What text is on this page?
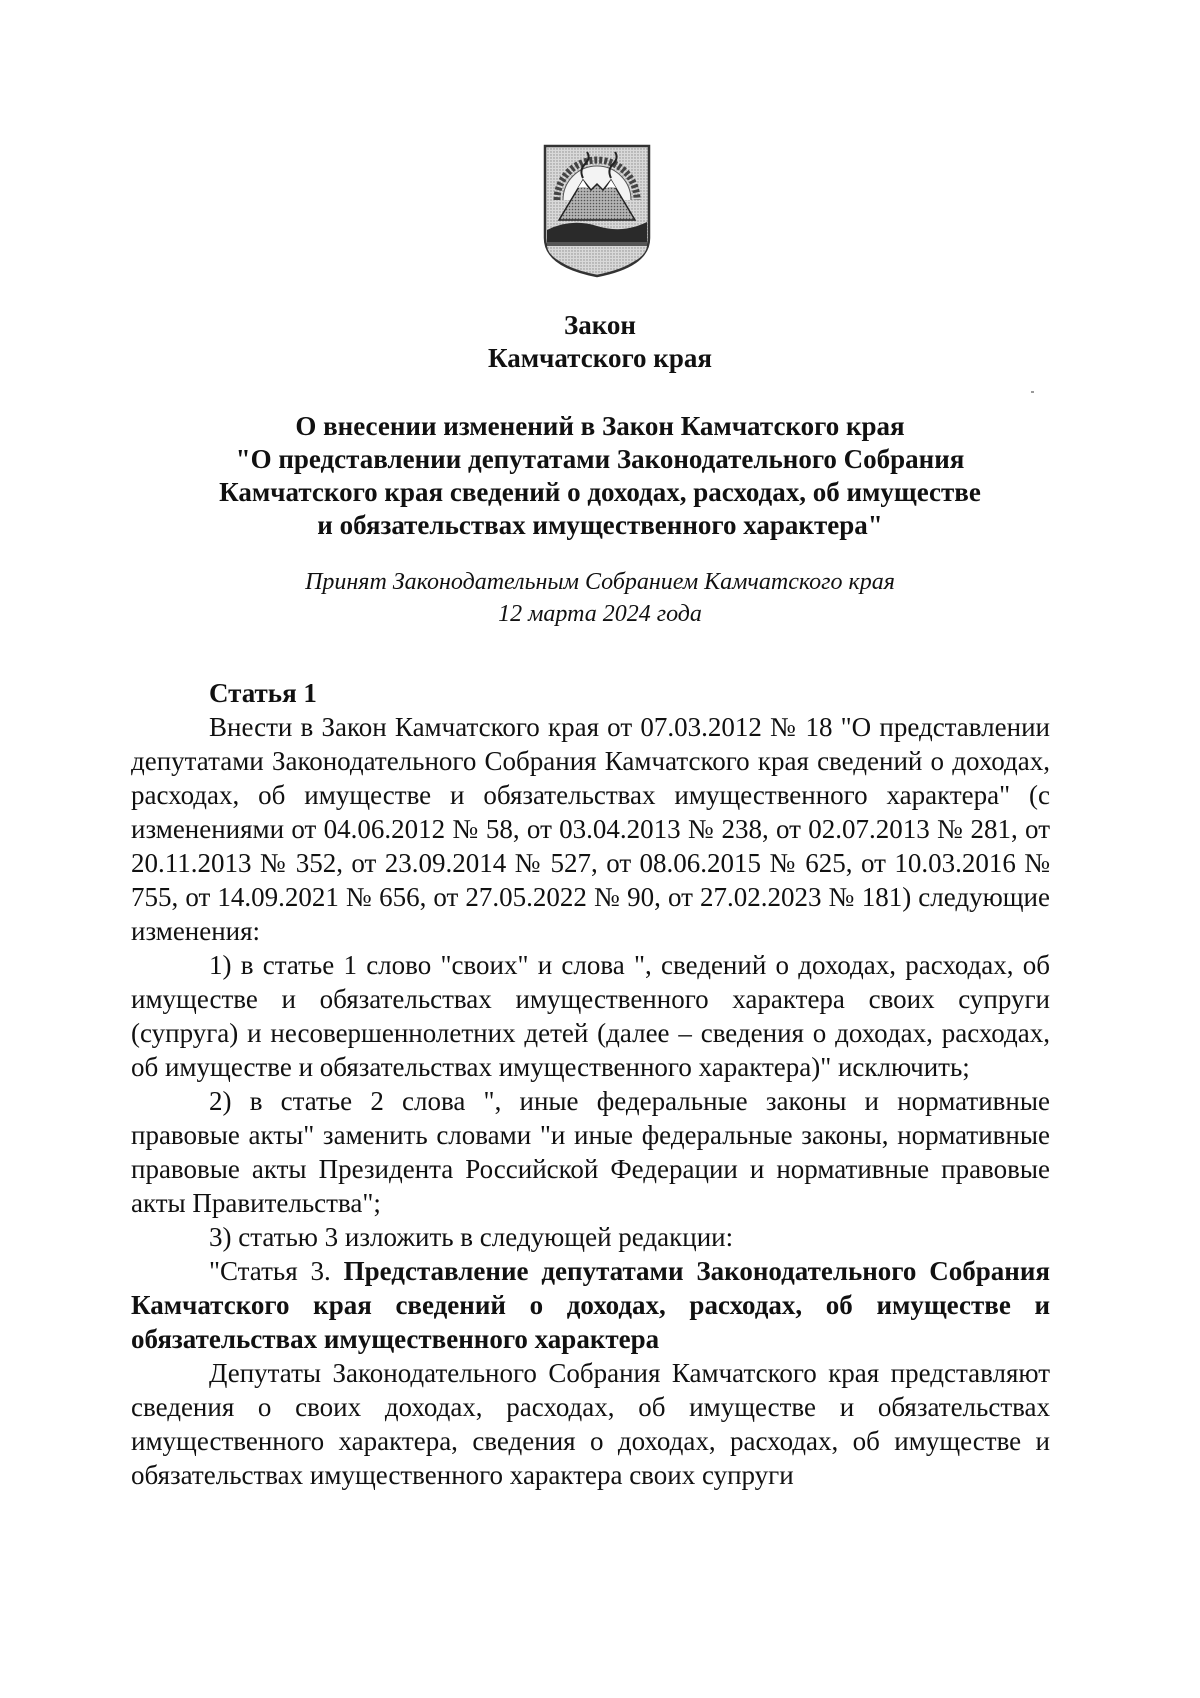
Закон
Камчатского края
О внесении изменений в Закон Камчатского края
"О представлении депутатами Законодательного Собрания
Камчатского края сведений о доходах, расходах, об имуществе
и обязательствах имущественного характера"
Принят Законодательным Собранием Камчатского края
12 марта 2024 года

Статья 1

Внести в Закон Камчатского края от 07.03.2012 № 18 "О представлении депутатами Законодательного Собрания Камчатского края сведений о доходах, расходах, об имуществе и обязательствах имущественного характера" (с изменениями от 04.06.2012 № 58, от 03.04.2013 № 238, от 02.07.2013 № 281, от 20.11.2013 № 352, от 23.09.2014 № 527, от 08.06.2015 № 625, от 10.03.2016 № 755, от 14.09.2021 № 656, от 27.05.2022 № 90, от 27.02.2023 № 181) следующие изменения:

1) в статье 1 слово "своих" и слова ", сведений о доходах, расходах, об имуществе и обязательствах имущественного характера своих супруги (супруга) и несовершеннолетних детей (далее – сведения о доходах, расходах, об имуществе и обязательствах имущественного характера)" исключить;

2) в статье 2 слова ", иные федеральные законы и нормативные правовые акты" заменить словами "и иные федеральные законы, нормативные правовые акты Президента Российской Федерации и нормативные правовые акты Правительства";

3) статью 3 изложить в следующей редакции:

"Статья 3. Представление депутатами Законодательного Собрания Камчатского края сведений о доходах, расходах, об имуществе и обязательствах имущественного характера

Депутаты Законодательного Собрания Камчатского края представляют сведения о своих доходах, расходах, об имуществе и обязательствах имущественного характера, сведения о доходах, расходах, об имуществе и обязательствах имущественного характера своих супруги
